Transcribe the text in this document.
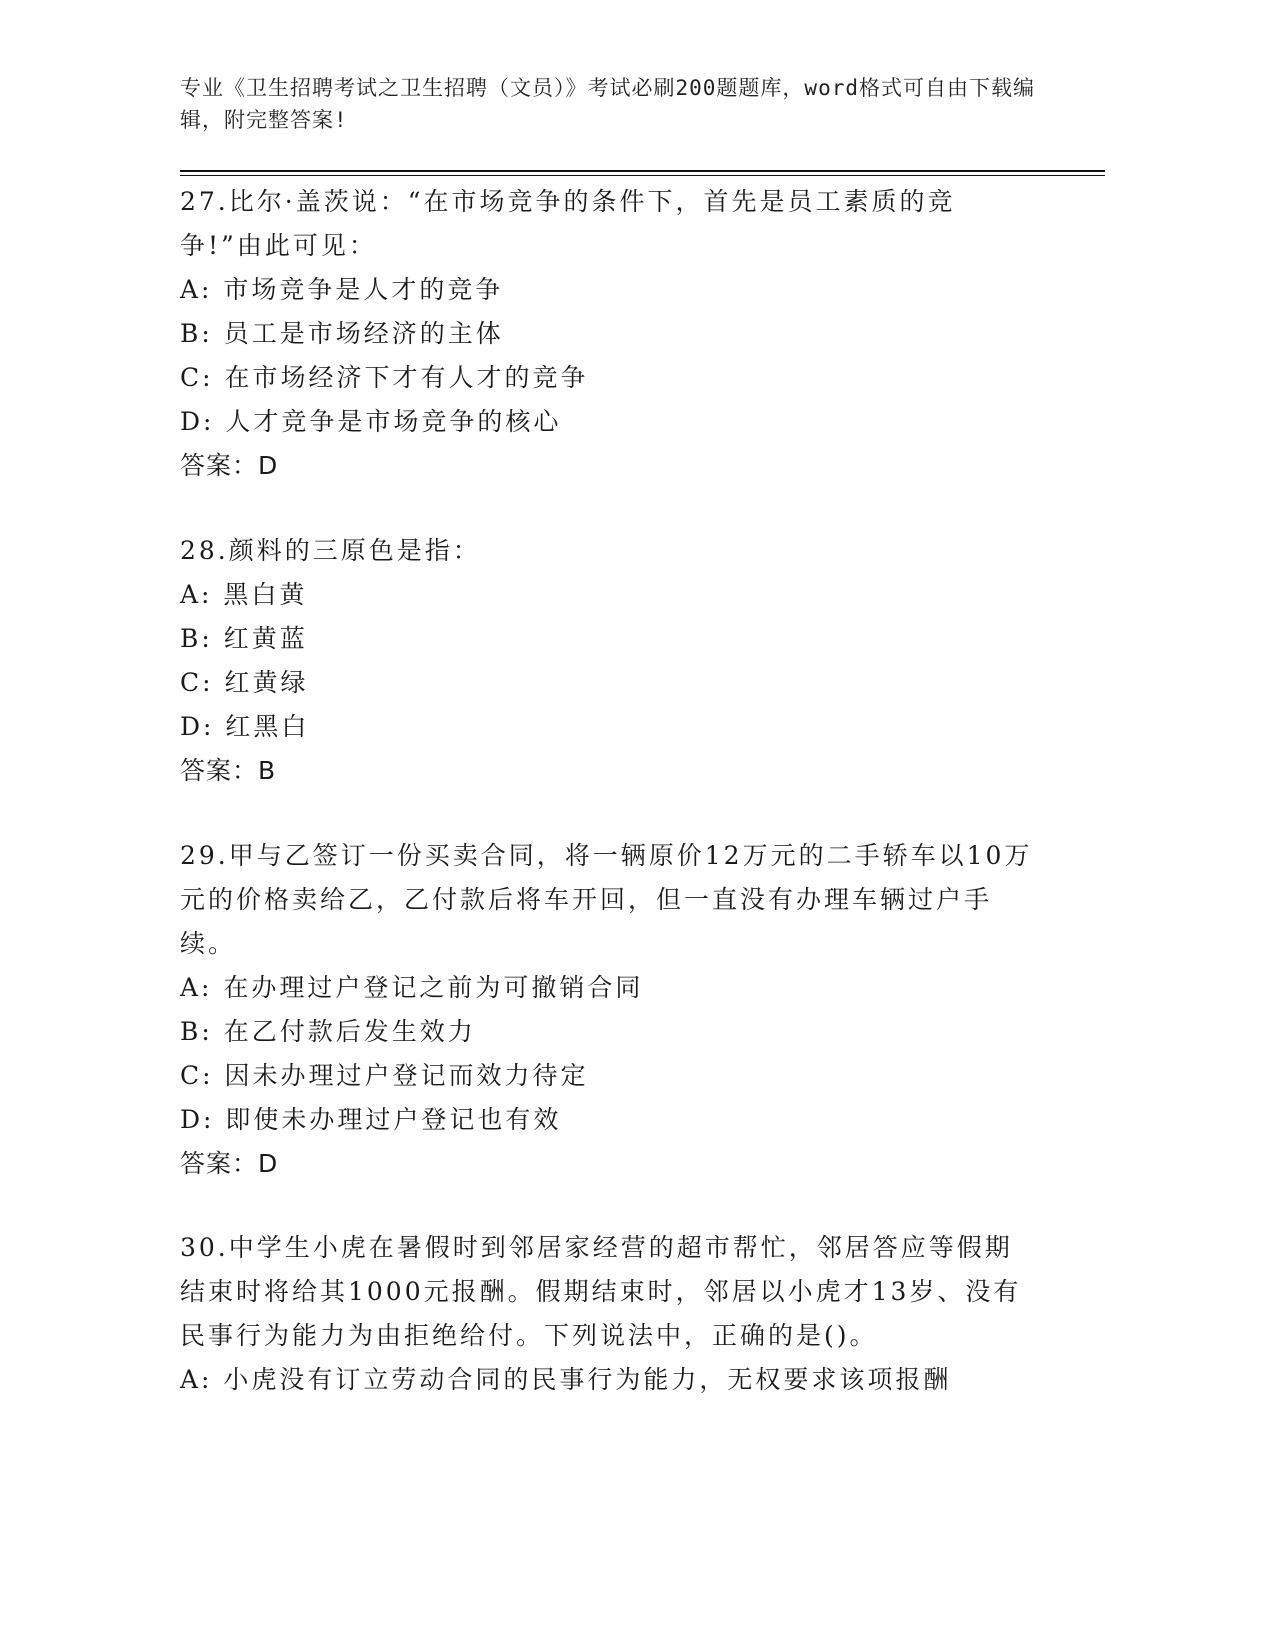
专业《卫生招聘考试之卫生招聘（文员）》考试必刷200题题库，word格式可自由下载编辑，附完整答案!
27.比尔·盖茨说：“在市场竞争的条件下，首先是员工素质的竞争!”由此可见：
A: 市场竞争是人才的竞争
B: 员工是市场经济的主体
C: 在市场经济下才有人才的竞争
D: 人才竞争是市场竞争的核心
答案：D
28.颜料的三原色是指：
A: 黑白黄
B: 红黄蓝
C: 红黄绿
D: 红黑白
答案：B
29.甲与乙签订一份买卖合同，将一辆原价12万元的二手轿车以10万元的价格卖给乙，乙付款后将车开回，但一直没有办理车辆过户手续。
A: 在办理过户登记之前为可撤销合同
B: 在乙付款后发生效力
C: 因未办理过户登记而效力待定
D: 即使未办理过户登记也有效
答案：D
30.中学生小虎在暑假时到邻居家经营的超市帮忙，邻居答应等假期结束时将给其1000元报酬。假期结束时，邻居以小虎才13岁、没有民事行为能力为由拒绝给付。下列说法中，正确的是()。
A: 小虎没有订立劳动合同的民事行为能力，无权要求该项报酬
